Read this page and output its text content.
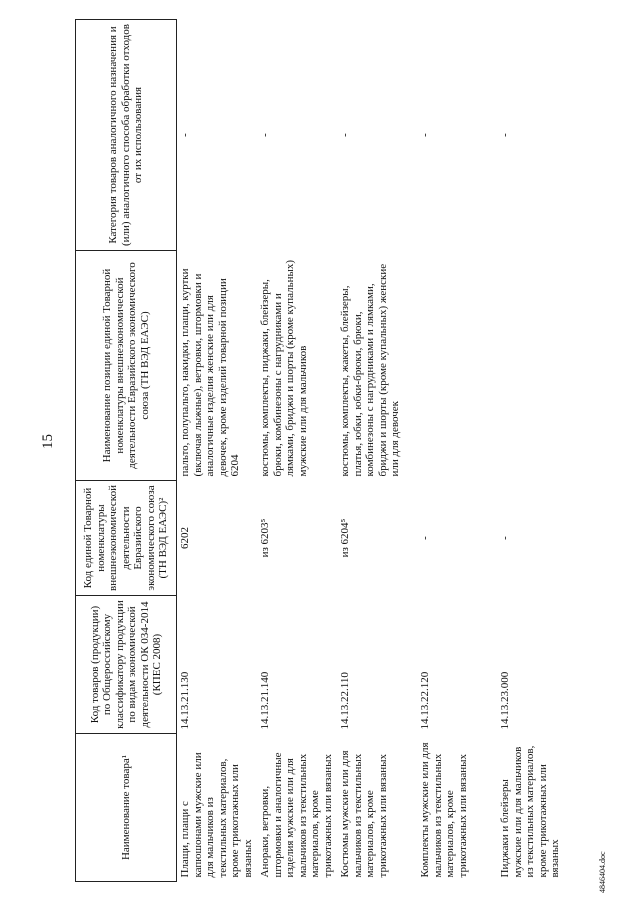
15
4846404.doc
Наименование товара¹	Код товаров (продукции) по Общероссийскому классификатору продукции по видам экономической деятельности ОК 034-2014 (КПЕС 2008)	Код единой Товарной номенклатуры внешнеэкономической деятельности Евразийского экономического союза (ТН ВЭД ЕАЭС)²	Наименование позиции единой Товарной номенклатуры внешнеэкономической деятельности Евразийского экономического союза (ТН ВЭД ЕАЭС)	Категория товаров аналогичного назначения и (или) аналогичного способа обработки отходов от их использования
Плащи, плащи с капюшонами мужские или для мальчиков из текстильных материалов, кроме трикотажных или вязаных	14.13.21.130	6202	пальто, полупальто, накидки, плащи, куртки (включая лыжные), ветровки, штормовки и аналогичные изделия женские или для девочек, кроме изделий товарной позиции 6204	-
Анораки, ветровки, штормовки и аналогичные изделия мужские или для мальчиков из текстильных материалов, кроме трикотажных или вязаных	14.13.21.140	из 6203⁵	костюмы, комплекты, пиджаки, блейзеры, брюки, комбинезоны с нагрудниками и лямками, бриджи и шорты (кроме купальных) мужские или для мальчиков	-
Костюмы мужские или для мальчиков из текстильных материалов, кроме трикотажных или вязаных	14.13.22.110	из 6204⁵	костюмы, комплекты, жакеты, блейзеры, платья, юбки, юбки-брюки, брюки, комбинезоны с нагрудниками и лямками, бриджи и шорты (кроме купальных) женские или для девочек	-
Комплекты мужские или для мальчиков из текстильных материалов, кроме трикотажных или вязаных	14.13.22.120	-		-
Пиджаки и блейзеры мужские или для мальчиков из текстильных материалов, кроме трикотажных или вязаных	14.13.23.000	-		-
